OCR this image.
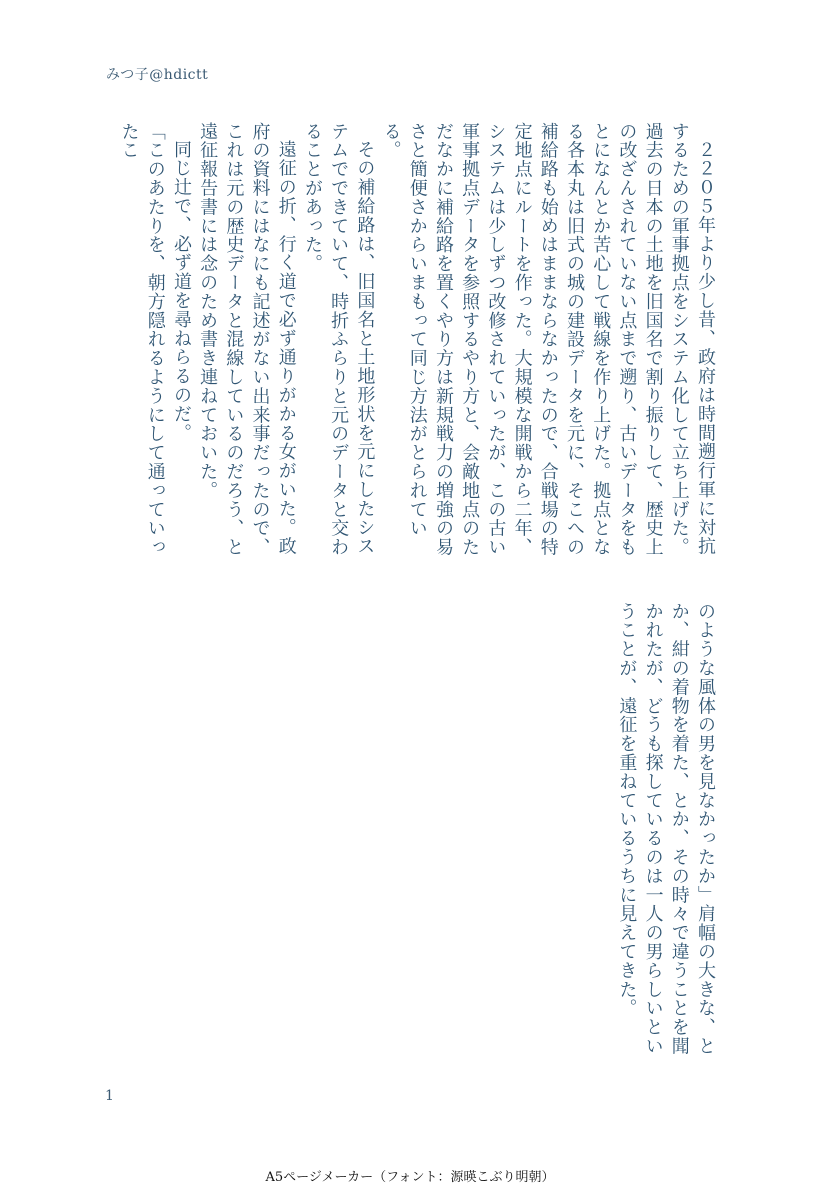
みつ子@hdictt

２２０５年より少し昔、政府は時間遡行軍に対抗するための軍事拠点をシステム化して立ち上げた。過去の日本の土地を旧国名で割り振りして、歴史上の改ざんされていない点まで遡り、古いデータをもとになんとか苦心して戦線を作り上げた。拠点となる各本丸は旧式の城の建設データを元に、そこへの補給路も始めはままならなかったので、合戦場の特定地点にルートを作った。大規模な開戦から二年、システムは少しずつ改修されていったが、この古い軍事拠点データを参照するやり方と、会敵地点のただなかに補給路を置くやり方は新規戦力の増強の易さと簡便さからいまもって同じ方法がとられている。

その補給路は、旧国名と土地形状を元にしたシステムでできていて、時折ふらりと元のデータと交わることがあった。

遠征の折、行く道で必ず通りがかる女がいた。政府の資料にはなにも記述がない出来事だったので、これは元の歴史データと混線しているのだろう、と遠征報告書には念のため書き連ねておいた。

同じ辻で、必ず道を尋ねらるのだ。

「このあたりを、朝方隠れるようにして通っていったこ

のような風体の男を見なかったか」肩幅の大きな、とか、紺の着物を着た、とか、その時々で違うことを聞かれたが、どうも探しているのは一人の男らしいということが、遠征を重ねているうちに見えてきた。

1
A5ページメーカー（フォント：源暎こぶり明朝）
